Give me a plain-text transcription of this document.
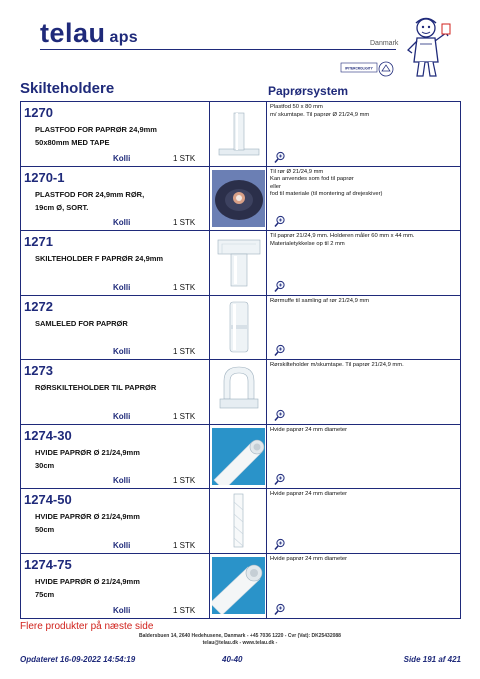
telau aps	Danmark
IPITERCROLIGITY
Skilteholdere	Paprørsystem
1270
PLASTFOD FOR PAPRØR 24,9mm
50x80mm MED TAPE
Kolli	1 STK
Plastfod 50 x 80 mm
m/ skumtape. Til paprør Ø 21/24,9 mm
1270-1
PLASTFOD FOR 24,9mm RØR,
19cm Ø, SORT.
Kolli	1 STK
Til rør Ø 21/24,9 mm
Kan anvendes som fod til paprør
eller
fod til materiale (til montering af drejeskiver)
1271
SKILTEHOLDER F PAPRØR 24,9mm
Kolli	1 STK
Til paprør 21/24,9 mm. Holderen måler 60 mm x 44 mm.
Materialetykkelse op til 2 mm
1272
SAMLELED FOR PAPRØR
Kolli	1 STK
Rørmuffe til samling af rør 21/24,9 mm
1273
RØRSKILTEHOLDER TIL PAPRØR
Kolli	1 STK
Rørskilteholder m/skumtape. Til paprør 21/24,9 mm.
1274-30
HVIDE PAPRØR Ø 21/24,9mm
30cm
Kolli	1 STK
Hvide paprør 24 mm diameter
1274-50
HVIDE PAPRØR Ø 21/24,9mm
50cm
Kolli	1 STK
Hvide paprør 24 mm diameter
1274-75
HVIDE PAPRØR Ø 21/24,9mm
75cm
Kolli	1 STK
Hvide paprør 24 mm diameter
Flere produkter på næste side
Baldersbuen 14, 2640 Hedehusene, Danmark - +45 7036 1220 - Cvr (Vat): DK25432088
telau@telau.dk - www.telau.dk -
Opdateret 16-09-2022 14:54:19	40-40	Side 191 af 421
